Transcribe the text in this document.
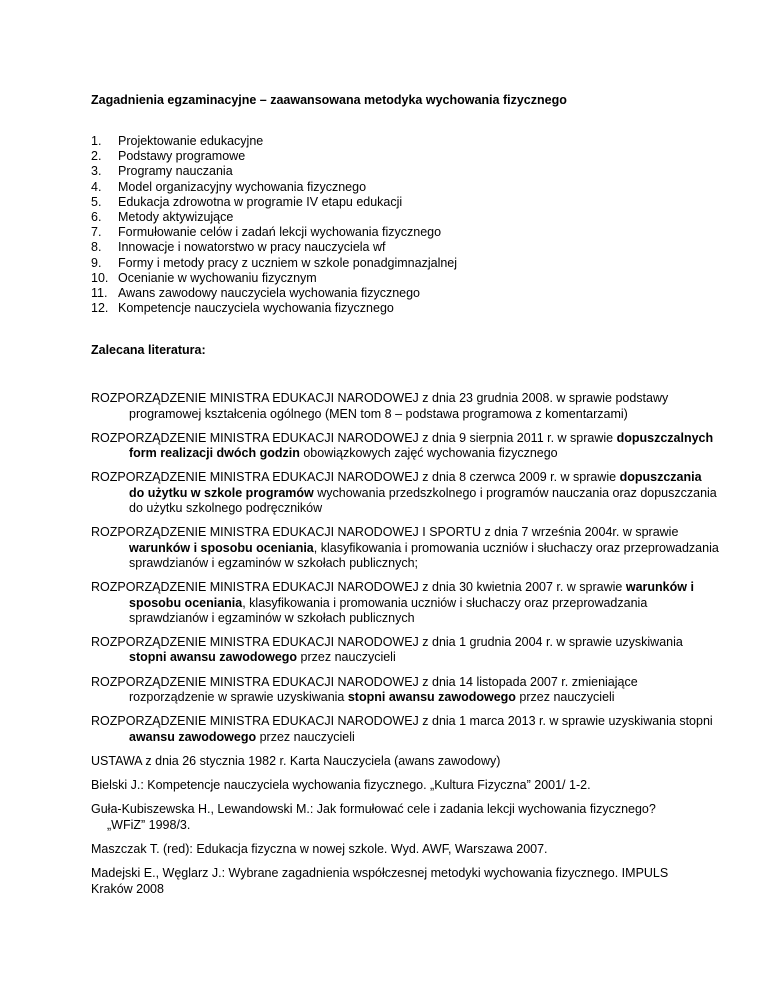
Zagadnienia egzaminacyjne – zaawansowana metodyka wychowania fizycznego

1.	Projektowanie edukacyjne
2.	Podstawy programowe
3.	Programy nauczania
4.	Model organizacyjny wychowania fizycznego
5.	Edukacja zdrowotna w programie IV etapu edukacji
6.	Metody aktywizujące
7.	Formułowanie celów i zadań lekcji wychowania fizycznego
8.	Innowacje i nowatorstwo w pracy nauczyciela wf
9.	Formy i metody pracy z uczniem w szkole ponadgimnazjalnej
10. Ocenianie w wychowaniu fizycznym
11. Awans zawodowy nauczyciela wychowania fizycznego
12. Kompetencje nauczyciela wychowania fizycznego

Zalecana literatura:

ROZPORZĄDZENIE MINISTRA EDUKACJI NARODOWEJ z dnia 23 grudnia 2008. w sprawie podstawy programowej kształcenia ogólnego (MEN tom 8 – podstawa programowa z komentarzami)
ROZPORZĄDZENIE MINISTRA EDUKACJI NARODOWEJ z dnia 9 sierpnia 2011 r. w sprawie dopuszczalnych form realizacji dwóch godzin obowiązkowych zajęć wychowania fizycznego
ROZPORZĄDZENIE MINISTRA EDUKACJI NARODOWEJ z dnia 8 czerwca 2009 r. w sprawie dopuszczania do użytku w szkole programów wychowania przedszkolnego i programów nauczania oraz dopuszczania do użytku szkolnego podręczników
ROZPORZĄDZENIE MINISTRA EDUKACJI NARODOWEJ I SPORTU z dnia 7 września 2004r. w sprawie warunków i sposobu oceniania, klasyfikowania i promowania uczniów i słuchaczy oraz przeprowadzania sprawdzianów i egzaminów w szkołach publicznych;
ROZPORZĄDZENIE MINISTRA EDUKACJI NARODOWEJ z dnia 30 kwietnia 2007 r. w sprawie warunków i sposobu oceniania, klasyfikowania i promowania uczniów i słuchaczy oraz przeprowadzania sprawdzianów i egzaminów w szkołach publicznych
ROZPORZĄDZENIE MINISTRA EDUKACJI NARODOWEJ z dnia 1 grudnia 2004 r. w sprawie uzyskiwania stopni awansu zawodowego przez nauczycieli
ROZPORZĄDZENIE MINISTRA EDUKACJI NARODOWEJ z dnia 14 listopada 2007 r. zmieniające rozporządzenie w sprawie uzyskiwania stopni awansu zawodowego przez nauczycieli
ROZPORZĄDZENIE MINISTRA EDUKACJI NARODOWEJ z dnia 1 marca 2013 r. w sprawie uzyskiwania stopni awansu zawodowego przez nauczycieli
USTAWA z dnia 26 stycznia 1982 r. Karta Nauczyciela (awans zawodowy)
Bielski J.: Kompetencje nauczyciela wychowania fizycznego. „Kultura Fizyczna” 2001/ 1-2.
Guła-Kubiszewska H., Lewandowski M.: Jak formułować cele i zadania lekcji wychowania fizycznego? „WFiZ” 1998/3.
Maszczak T. (red): Edukacja fizyczna w nowej szkole. Wyd. AWF, Warszawa 2007.
Madejski E., Węglarz J.: Wybrane zagadnienia współczesnej metodyki wychowania fizycznego. IMPULS Kraków 2008
